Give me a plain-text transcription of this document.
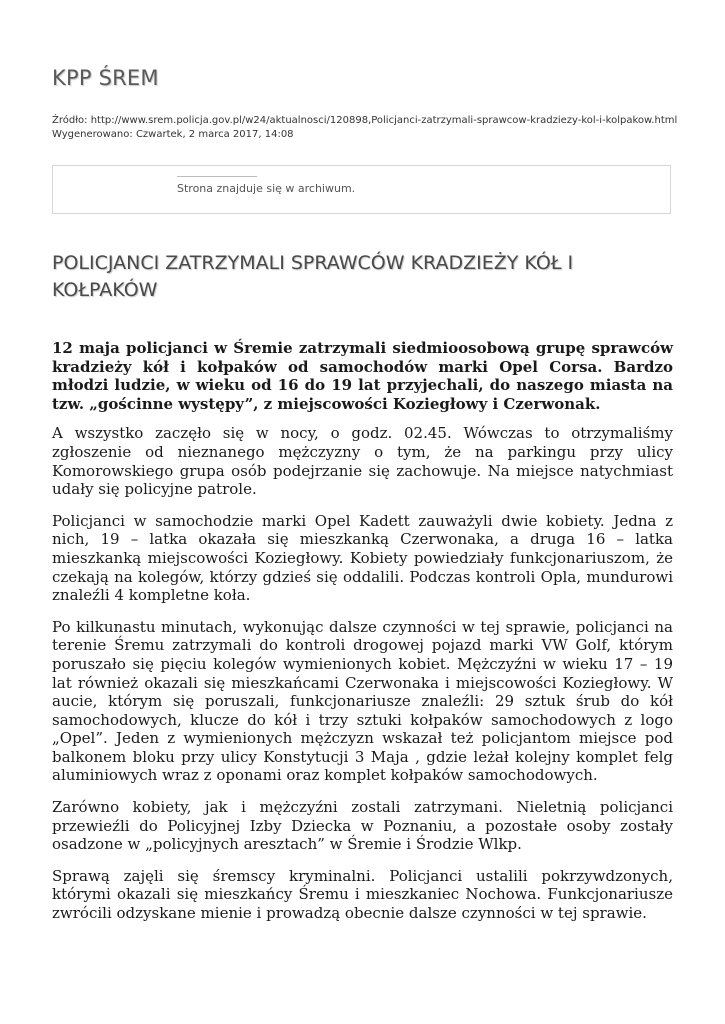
KPP ŚREM
Źródło: http://www.srem.policja.gov.pl/w24/aktualnosci/120898,Policjanci-zatrzymali-sprawcow-kradziezy-kol-i-kolpakow.html
Wygenerowano: Czwartek, 2 marca 2017, 14:08
Strona znajduje się w archiwum.
POLICJANCI ZATRZYMALI SPRAWCÓW KRADZIEŻY KÓŁ I KOŁPAKÓW

12 maja policjanci w Śremie zatrzymali siedmioosobową grupę sprawców kradzieży kół i kołpaków od samochodów marki Opel Corsa. Bardzo młodzi ludzie, w wieku od 16 do 19 lat przyjechali, do naszego miasta na tzw. „gościnne występy”, z miejscowości Koziegłowy i Czerwonak.

A wszystko zaczęło się w nocy, o godz. 02.45. Wówczas to otrzymaliśmy zgłoszenie od nieznanego mężczyzny o tym, że na parkingu przy ulicy Komorowskiego grupa osób podejrzanie się zachowuje. Na miejsce natychmiast udały się policyjne patrole.

Policjanci w samochodzie marki Opel Kadett zauważyli dwie kobiety. Jedna z nich, 19 – latka okazała się mieszkanką Czerwonaka, a druga 16 – latka mieszkanką miejscowości Koziegłowy. Kobiety powiedziały funkcjonariuszom, że czekają na kolegów, którzy gdzieś się oddalili. Podczas kontroli Opla, mundurowi znaleźli 4 kompletne koła.

Po kilkunastu minutach, wykonując dalsze czynności w tej sprawie, policjanci na terenie Śremu zatrzymali do kontroli drogowej pojazd marki VW Golf, którym poruszało się pięciu kolegów wymienionych kobiet. Mężczyźni w wieku 17 – 19 lat również okazali się mieszkańcami Czerwonaka i miejscowości Koziegłowy. W aucie, którym się poruszali, funkcjonariusze znaleźli: 29 sztuk śrub do kół samochodowych, klucze do kół i trzy sztuki kołpaków samochodowych z logo „Opel”. Jeden z wymienionych mężczyzn wskazał też policjantom miejsce pod balkonem bloku przy ulicy Konstytucji 3 Maja , gdzie leżał kolejny komplet felg aluminiowych wraz z oponami oraz komplet kołpaków samochodowych.

Zarówno kobiety, jak i mężczyźni zostali zatrzymani. Nieletnią policjanci przewieźli do Policyjnej Izby Dziecka w Poznaniu, a pozostałe osoby zostały osadzone w „policyjnych aresztach” w Śremie i Środzie Wlkp.

Sprawą zajęli się śremscy kryminalni. Policjanci ustalili pokrzywdzonych, którymi okazali się mieszkańcy Śremu i mieszkaniec Nochowa. Funkcjonariusze zwrócili odzyskane mienie i prowadzą obecnie dalsze czynności w tej sprawie.
